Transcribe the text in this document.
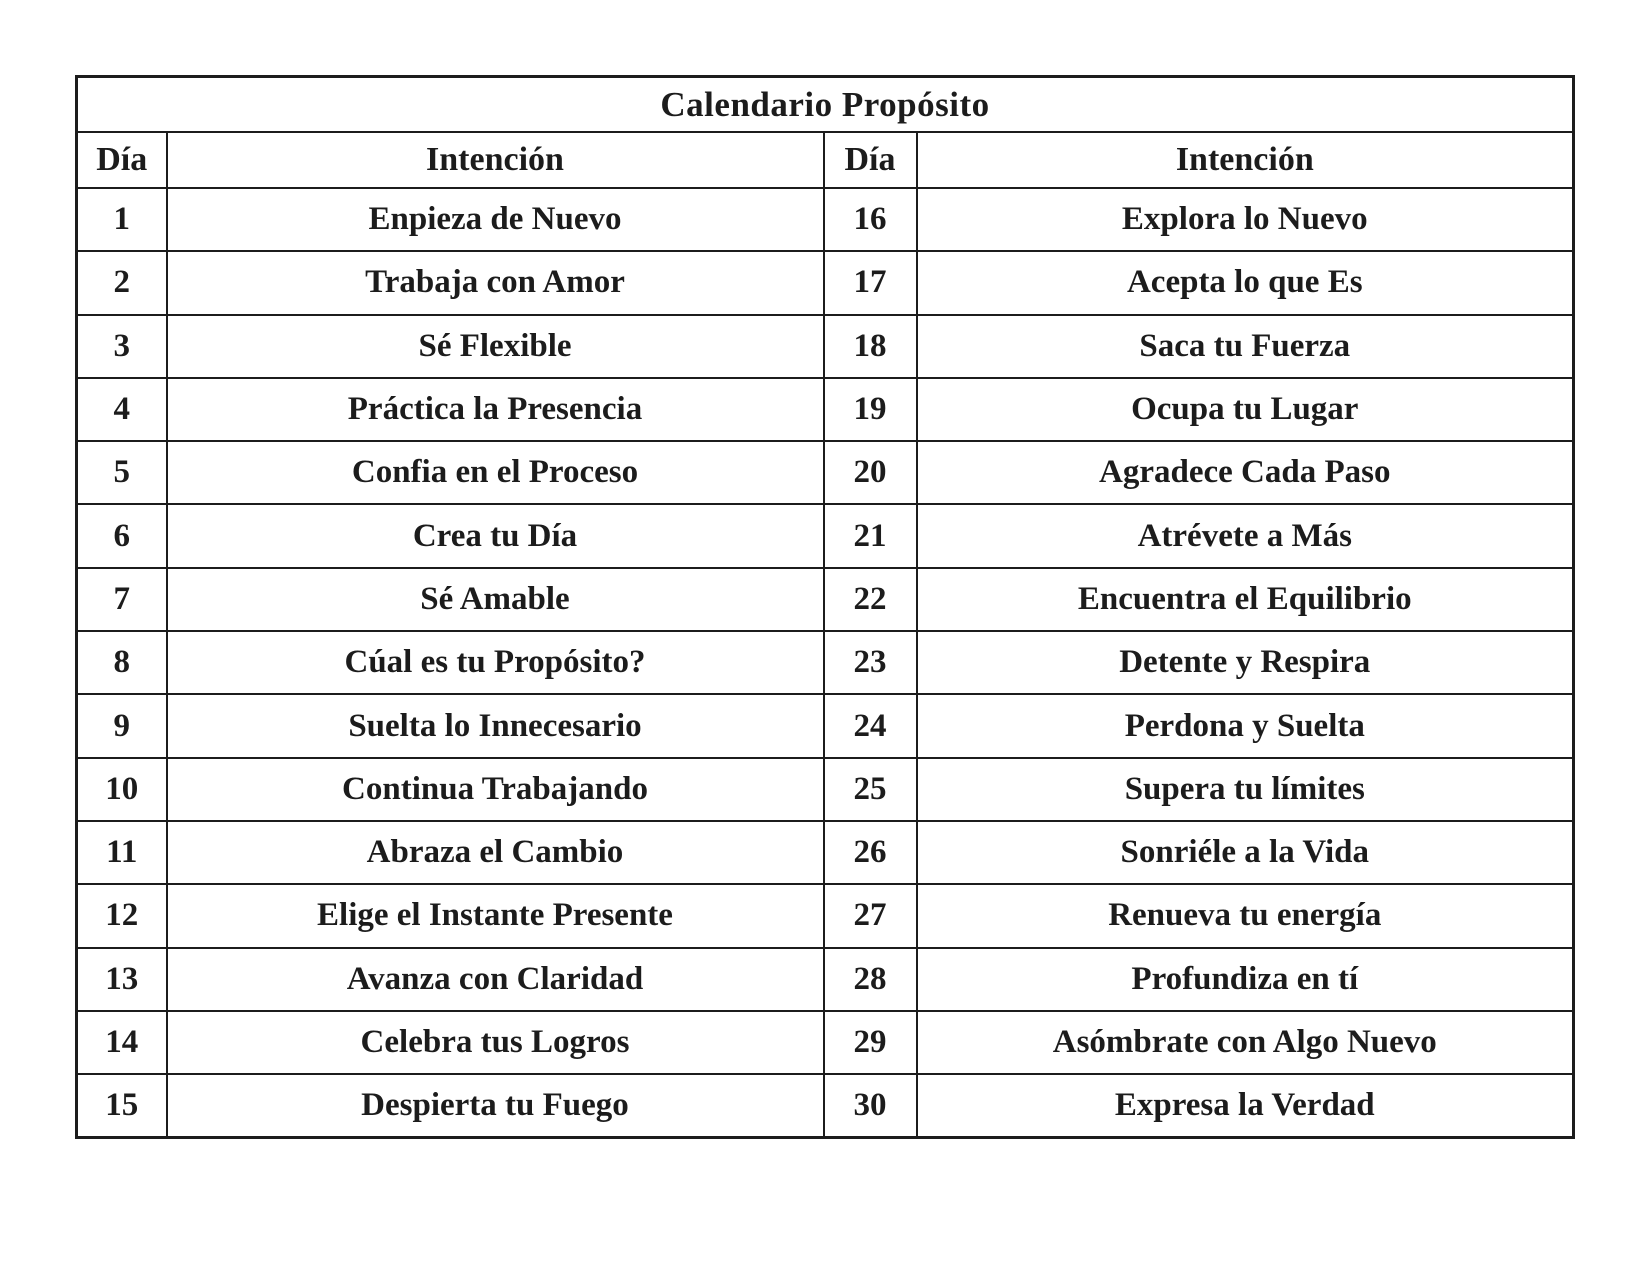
Calendario Propósito			
Día	Intención	Día	Intención
1	Enpieza de Nuevo	16	Explora lo Nuevo
2	Trabaja con Amor	17	Acepta lo que Es
3	Sé Flexible	18	Saca tu Fuerza
4	Práctica la Presencia	19	Ocupa tu Lugar
5	Confia en el Proceso	20	Agradece Cada Paso
6	Crea tu Día	21	Atrévete a Más
7	Sé Amable	22	Encuentra el Equilibrio
8	Cúal es tu Propósito?	23	Detente y Respira
9	Suelta lo Innecesario	24	Perdona y Suelta
10	Continua Trabajando	25	Supera tu límites
11	Abraza el Cambio	26	Sonriéle a la Vida
12	Elige el Instante Presente	27	Renueva tu energía
13	Avanza con Claridad	28	Profundiza en tí
14	Celebra tus Logros	29	Asómbrate con Algo Nuevo
15	Despierta tu Fuego	30	Expresa la Verdad
